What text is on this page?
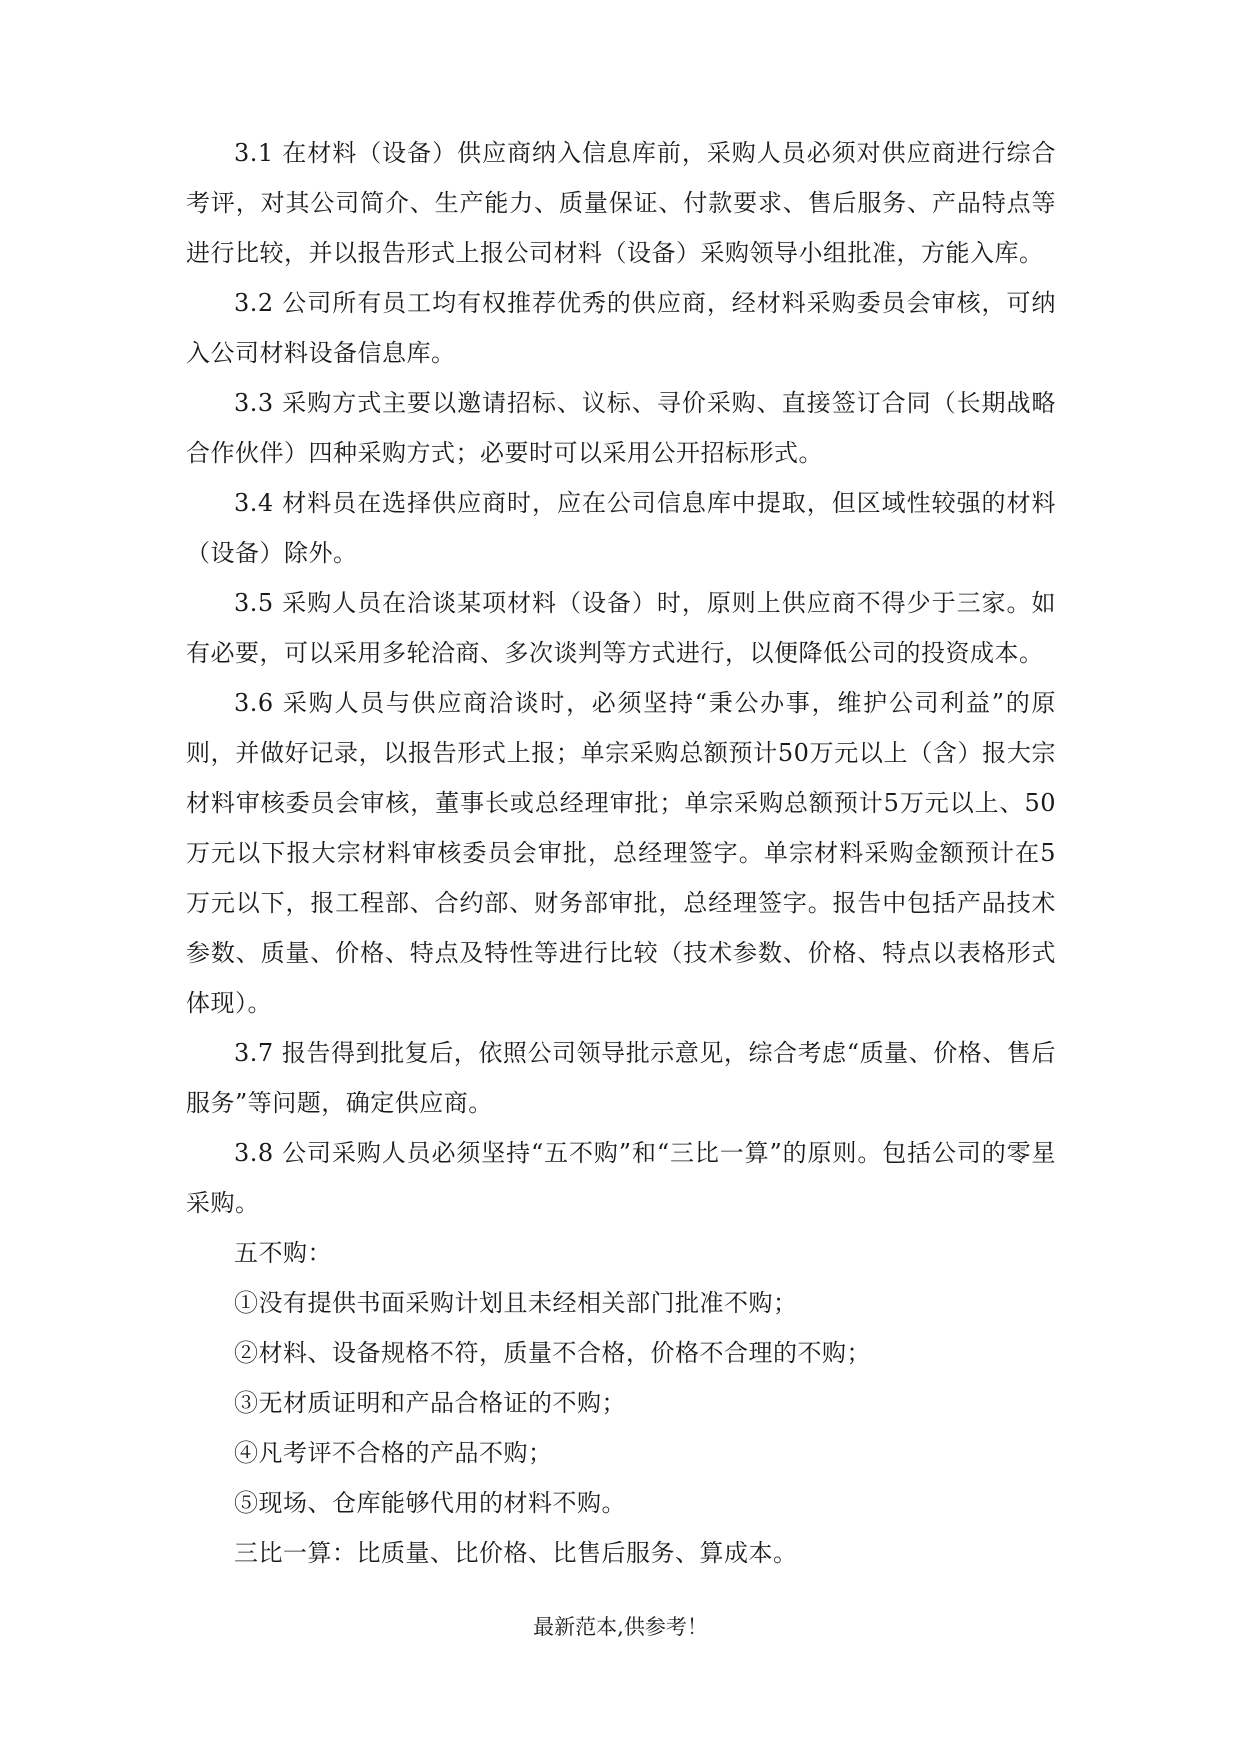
3.1 在材料（设备）供应商纳入信息库前，采购人员必须对供应商进行综合考评，对其公司简介、生产能力、质量保证、付款要求、售后服务、产品特点等进行比较，并以报告形式上报公司材料（设备）采购领导小组批准，方能入库。

3.2 公司所有员工均有权推荐优秀的供应商，经材料采购委员会审核，可纳入公司材料设备信息库。

3.3 采购方式主要以邀请招标、议标、寻价采购、直接签订合同（长期战略合作伙伴）四种采购方式；必要时可以采用公开招标形式。

3.4 材料员在选择供应商时，应在公司信息库中提取，但区域性较强的材料（设备）除外。

3.5 采购人员在洽谈某项材料（设备）时，原则上供应商不得少于三家。如有必要，可以采用多轮洽商、多次谈判等方式进行，以便降低公司的投资成本。

3.6 采购人员与供应商洽谈时，必须坚持“秉公办事，维护公司利益”的原则，并做好记录，以报告形式上报；单宗采购总额预计50万元以上（含）报大宗材料审核委员会审核，董事长或总经理审批；单宗采购总额预计5万元以上、50万元以下报大宗材料审核委员会审批，总经理签字。单宗材料采购金额预计在5万元以下，报工程部、合约部、财务部审批，总经理签字。报告中包括产品技术参数、质量、价格、特点及特性等进行比较（技术参数、价格、特点以表格形式体现）。

3.7 报告得到批复后，依照公司领导批示意见，综合考虑“质量、价格、售后服务”等问题，确定供应商。

3.8 公司采购人员必须坚持“五不购”和“三比一算”的原则。包括公司的零星采购。

五不购：

①没有提供书面采购计划且未经相关部门批准不购；

②材料、设备规格不符，质量不合格，价格不合理的不购；

③无材质证明和产品合格证的不购；

④凡考评不合格的产品不购；

⑤现场、仓库能够代用的材料不购。

三比一算：比质量、比价格、比售后服务、算成本。

最新范本,供参考！
